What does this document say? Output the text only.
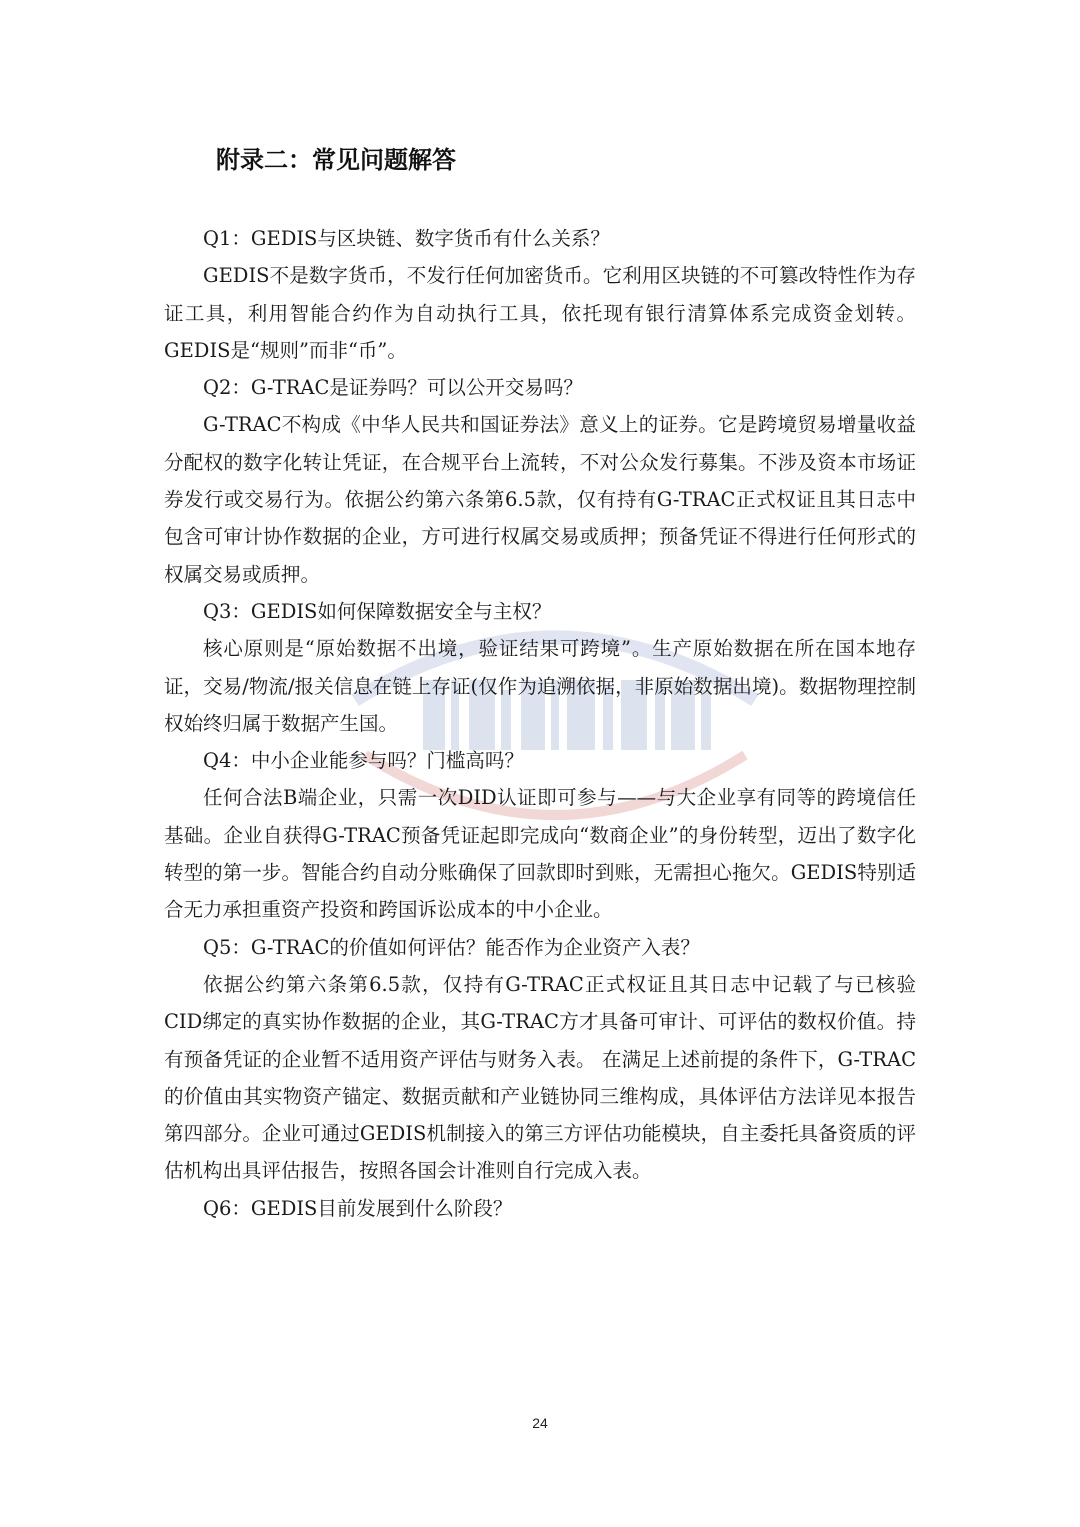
附录二：常见问题解答

Q1：GEDIS与区块链、数字货币有什么关系？

GEDIS不是数字货币，不发行任何加密货币。它利用区块链的不可篡改特性作为存证工具，利用智能合约作为自动执行工具，依托现有银行清算体系完成资金划转。GEDIS是“规则”而非“币”。

Q2：G-TRAC是证券吗？可以公开交易吗？

G-TRAC不构成《中华人民共和国证券法》意义上的证券。它是跨境贸易增量收益分配权的数字化转让凭证，在合规平台上流转，不对公众发行募集。不涉及资本市场证券发行或交易行为。依据公约第六条第6.5款，仅有持有G-TRAC正式权证且其日志中包含可审计协作数据的企业，方可进行权属交易或质押；预备凭证不得进行任何形式的权属交易或质押。

Q3：GEDIS如何保障数据安全与主权？

核心原则是“原始数据不出境，验证结果可跨境”。生产原始数据在所在国本地存证，交易/物流/报关信息在链上存证(仅作为追溯依据，非原始数据出境)。数据物理控制权始终归属于数据产生国。

Q4：中小企业能参与吗？门槛高吗？

任何合法B端企业，只需一次DID认证即可参与——与大企业享有同等的跨境信任基础。企业自获得G-TRAC预备凭证起即完成向“数商企业”的身份转型，迈出了数字化转型的第一步。智能合约自动分账确保了回款即时到账，无需担心拖欠。GEDIS特别适合无力承担重资产投资和跨国诉讼成本的中小企业。

Q5：G-TRAC的价值如何评估？能否作为企业资产入表？

依据公约第六条第6.5款，仅持有G-TRAC正式权证且其日志中记载了与已核验CID绑定的真实协作数据的企业，其G-TRAC方才具备可审计、可评估的数权价值。持有预备凭证的企业暂不适用资产评估与财务入表。 在满足上述前提的条件下，G-TRAC的价值由其实物资产锚定、数据贡献和产业链协同三维构成，具体评估方法详见本报告第四部分。企业可通过GEDIS机制接入的第三方评估功能模块，自主委托具备资质的评估机构出具评估报告，按照各国会计准则自行完成入表。

Q6：GEDIS目前发展到什么阶段？

24
